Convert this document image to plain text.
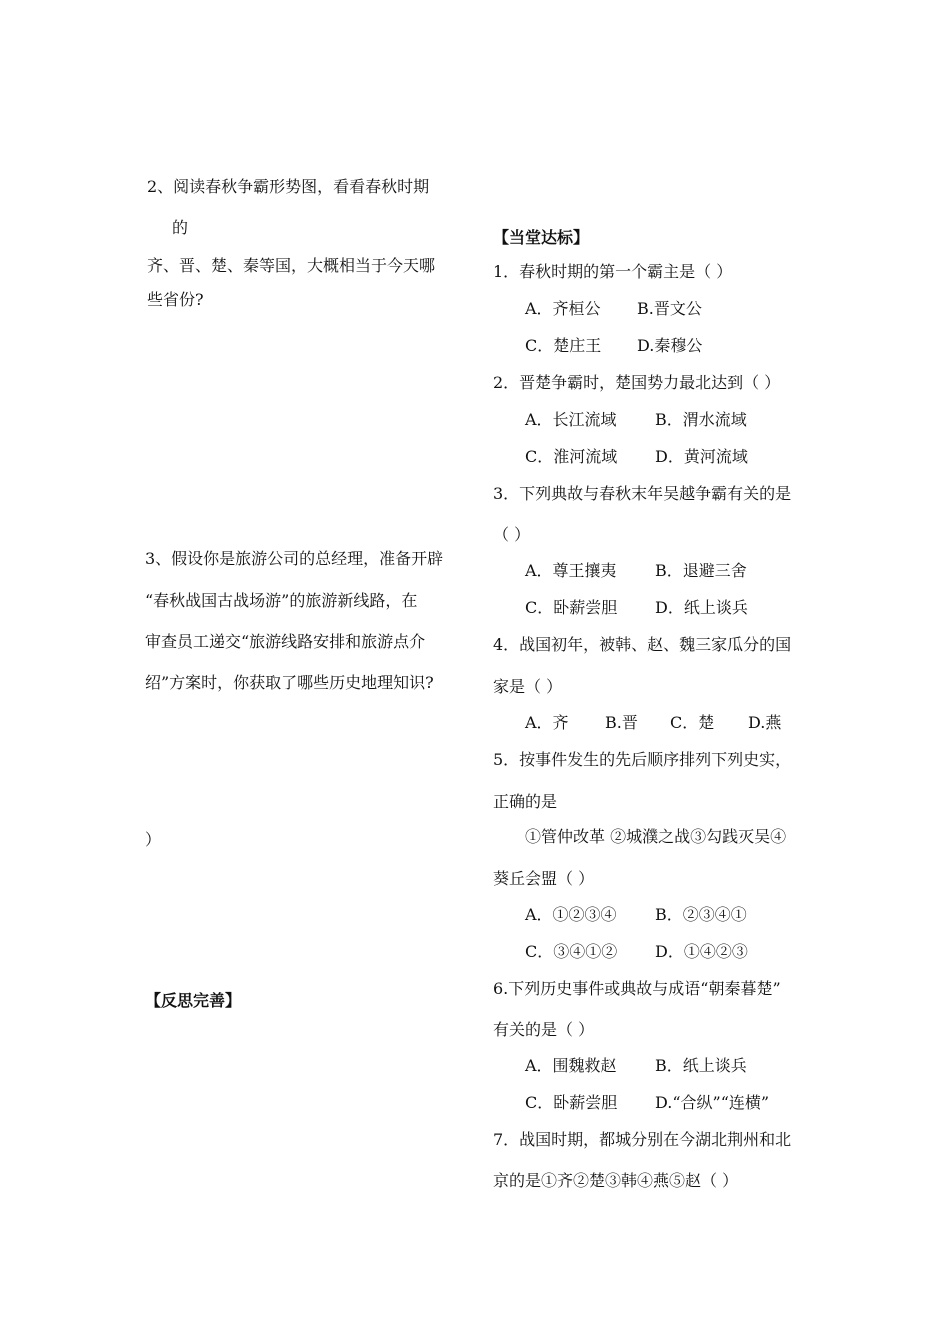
2、阅读春秋争霸形势图，看看春秋时期
的
齐、晋、楚、秦等国，大概相当于今天哪
些省份?
3、假设你是旅游公司的总经理，准备开辟
“春秋战国古战场游”的旅游新线路，在
审查员工递交“旅游线路安排和旅游点介
绍”方案时，你获取了哪些历史地理知识?
）
【反思完善】
【当堂达标】
1．春秋时期的第一个霸主是（ ）
A．齐桓公 B.晋文公
C．楚庄王 D.秦穆公
2．晋楚争霸时，楚国势力最北达到（ ）
A．长江流域 B．渭水流域
C．淮河流域 D．黄河流域
3．下列典故与春秋末年吴越争霸有关的是
（ ）
A．尊王攘夷 B．退避三舍
C．卧薪尝胆 D．纸上谈兵
4．战国初年，被韩、赵、魏三家瓜分的国
家是（ ）
A．齐 B.晋 C．楚 D.燕
5．按事件发生的先后顺序排列下列史实，
正确的是
①管仲改革 ②城濮之战③勾践灭吴④
葵丘会盟（ ）
A．①②③④ B．②③④①
C．③④①② D．①④②③
6.下列历史事件或典故与成语“朝秦暮楚”
有关的是（ ）
A．围魏救赵 B．纸上谈兵
C．卧薪尝胆 D.“合纵”“连横”
7．战国时期，都城分别在今湖北荆州和北
京的是①齐②楚③韩④燕⑤赵（ ）
